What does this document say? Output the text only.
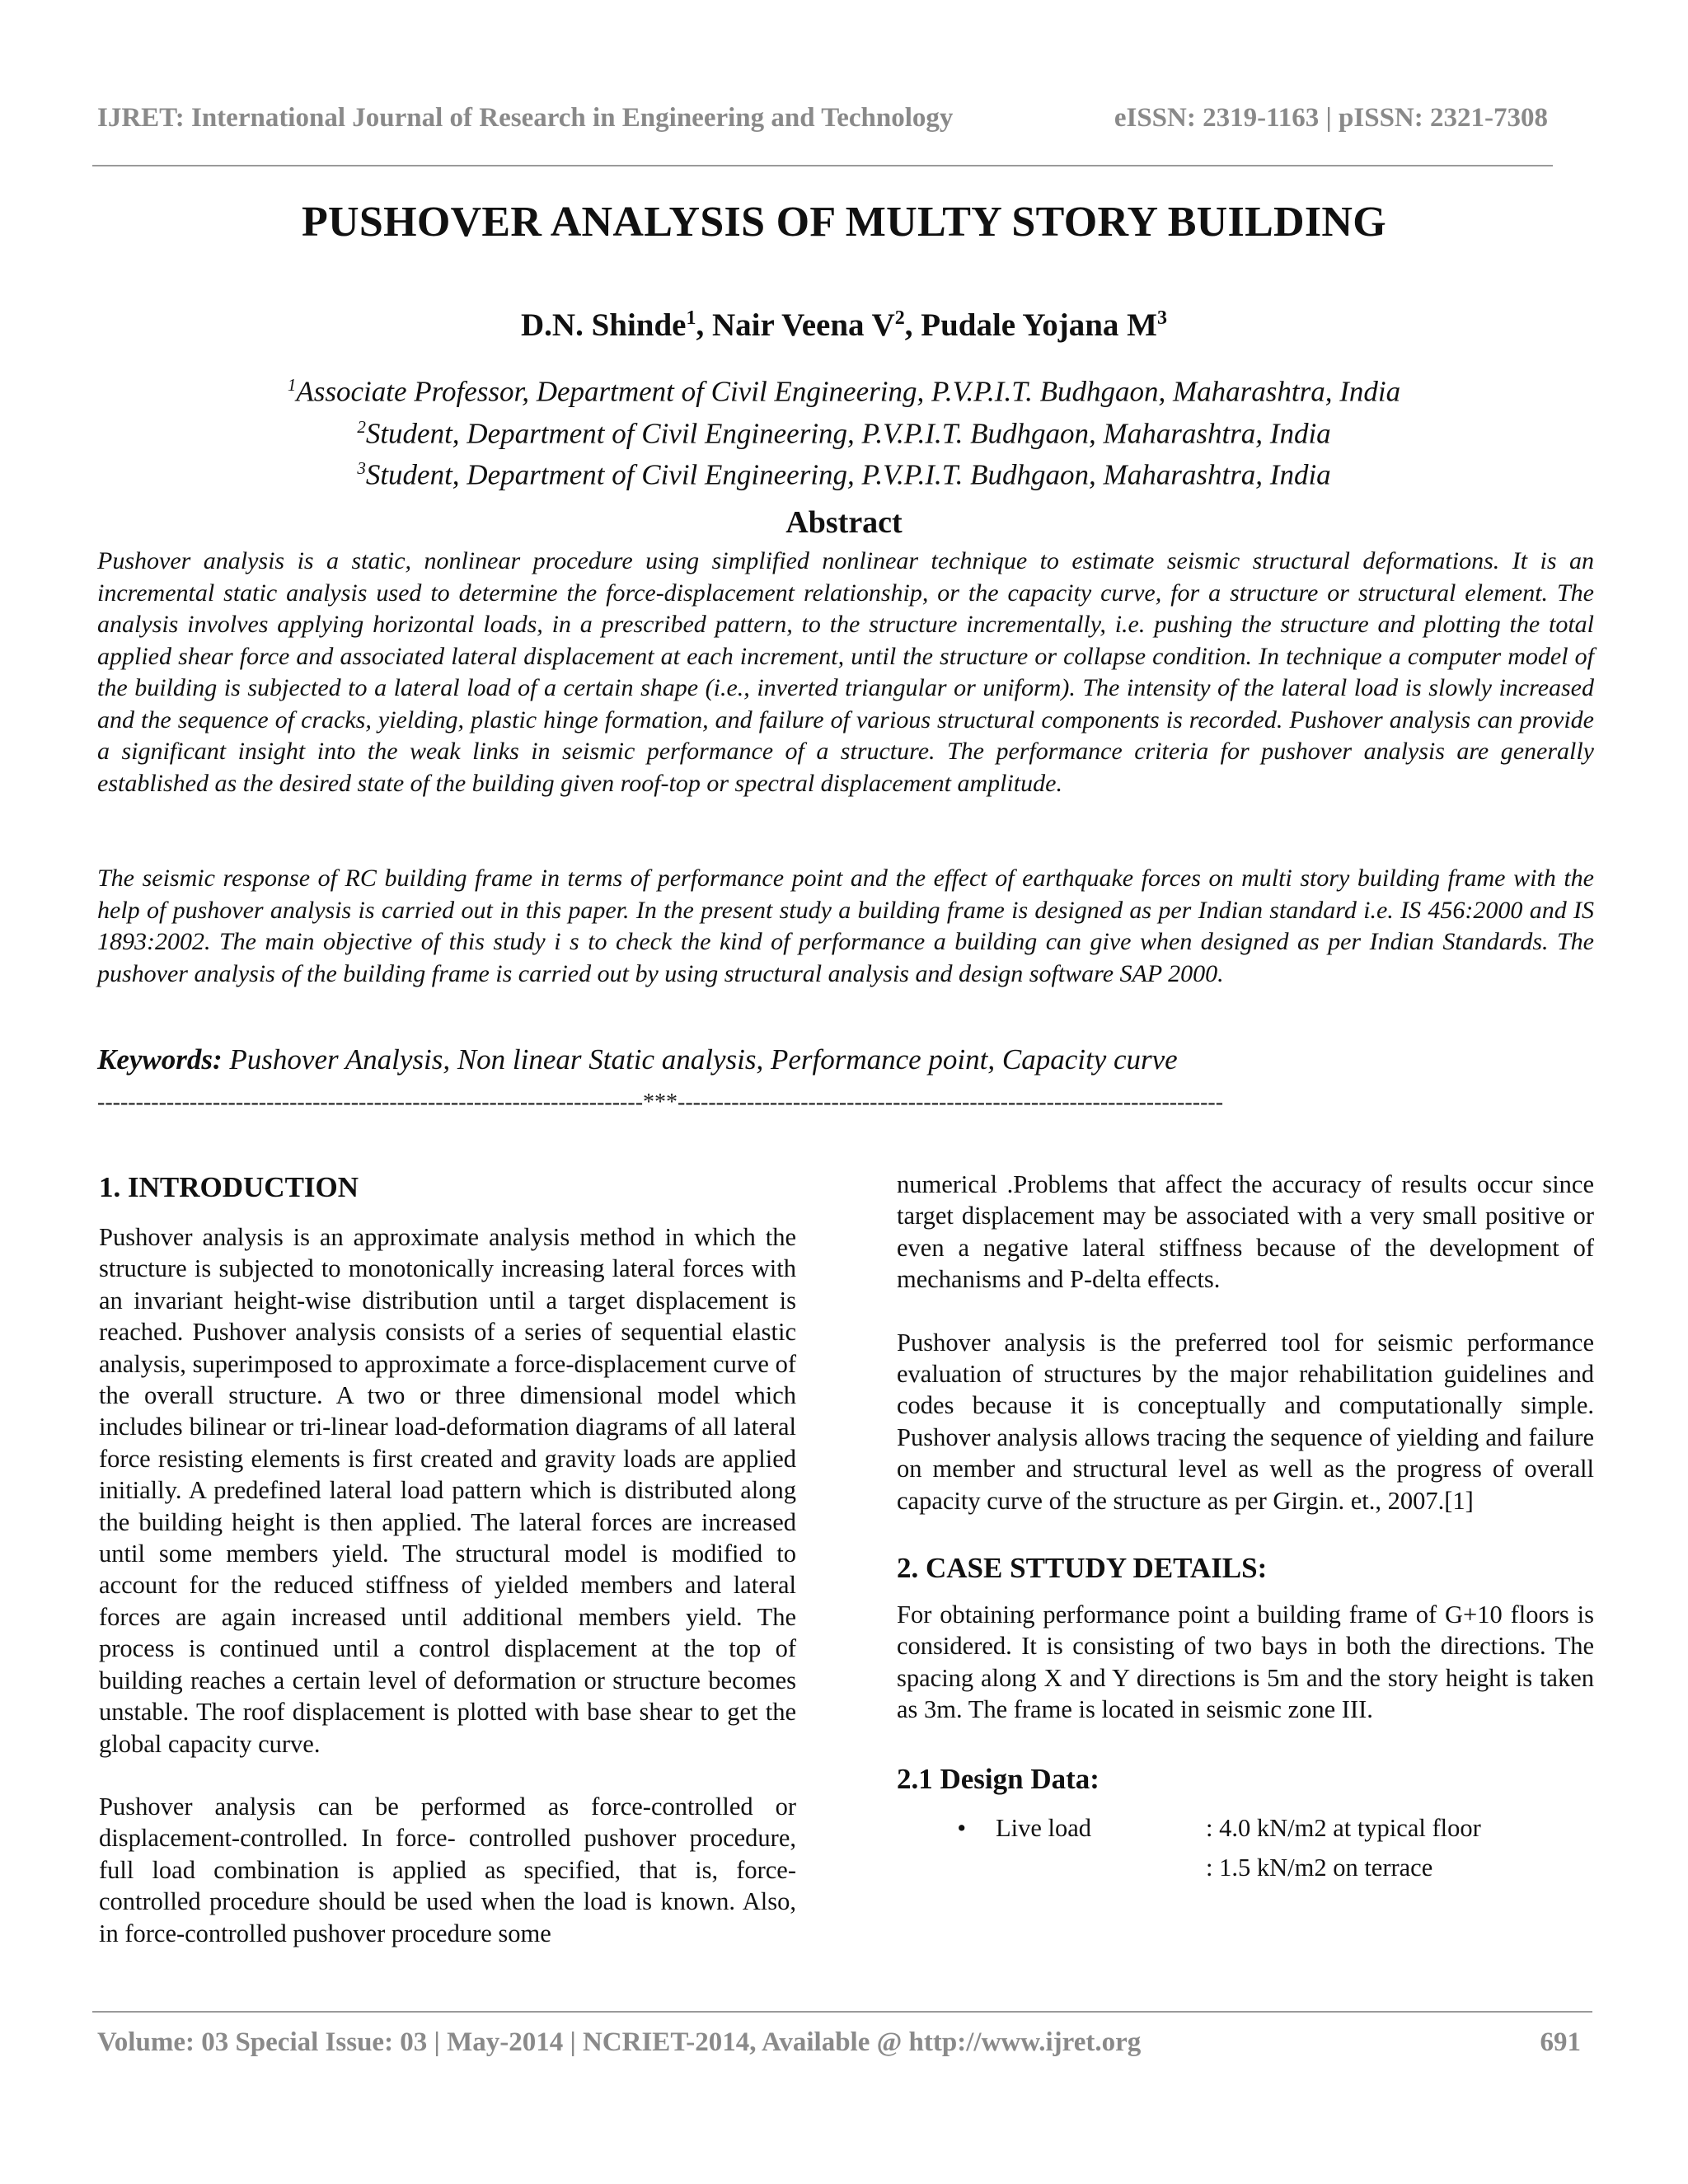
IJRET: International Journal of Research in Engineering and Technology	eISSN: 2319-1163 | pISSN: 2321-7308
PUSHOVER ANALYSIS OF MULTY STORY BUILDING
D.N. Shinde$^1$, Nair Veena $V^2$, Pudale Yojana $M^3$
$^1$Associate Professor, Department of Civil Engineering, P.V.P.I.T. Budhgaon, Maharashtra, India
$^2$Student, Department of Civil Engineering, P.V.P.I.T. Budhgaon, Maharashtra, India
$^3$Student, Department of Civil Engineering, P.V.P.I.T. Budhgaon, Maharashtra, India
Abstract

Pushover analysis is a static, nonlinear procedure using simplified nonlinear technique to estimate seismic structural deformations. It is an incremental static analysis used to determine the force-displacement relationship, or the capacity curve, for a structure or structural element. The analysis involves applying horizontal loads, in a prescribed pattern, to the structure incrementally, i.e. pushing the structure and plotting the total applied shear force and associated lateral displacement at each increment, until the structure or collapse condition. In technique a computer model of the building is subjected to a lateral load of a certain shape (i.e., inverted triangular or uniform). The intensity of the lateral load is slowly increased and the sequence of cracks, yielding, plastic hinge formation, and failure of various structural components is recorded. Pushover analysis can provide a significant insight into the weak links in seismic performance of a structure. The performance criteria for pushover analysis are generally established as the desired state of the building given roof-top or spectral displacement amplitude.

The seismic response of RC building frame in terms of performance point and the effect of earthquake forces on multi story building frame with the help of pushover analysis is carried out in this paper. In the present study a building frame is designed as per Indian standard i.e. IS 456:2000 and IS 1893:2002. The main objective of this study i s to check the kind of performance a building can give when designed as per Indian Standards. The pushover analysis of the building frame is carried out by using structural analysis and design software SAP 2000.

Keywords: Pushover Analysis, Non linear Static analysis, Performance point, Capacity curve
-----------------------------------------------------------------------***-----------------------------------------------------------------------

1. INTRODUCTION

Pushover analysis is an approximate analysis method in which the structure is subjected to monotonically increasing lateral forces with an invariant height-wise distribution until a target displacement is reached. Pushover analysis consists of a series of sequential elastic analysis, superimposed to approximate a force-displacement curve of the overall structure. A two or three dimensional model which includes bilinear or tri-linear load-deformation diagrams of all lateral force resisting elements is first created and gravity loads are applied initially. A predefined lateral load pattern which is distributed along the building height is then applied. The lateral forces are increased until some members yield. The structural model is modified to account for the reduced stiffness of yielded members and lateral forces are again increased until additional members yield. The process is continued until a control displacement at the top of building reaches a certain level of deformation or structure becomes unstable. The roof displacement is plotted with base shear to get the global capacity curve.

Pushover analysis can be performed as force-controlled or displacement-controlled. In force- controlled pushover procedure, full load combination is applied as specified, that is, force- controlled procedure should be used when the load is known. Also, in force-controlled pushover procedure some

numerical .Problems that affect the accuracy of results occur since target displacement may be associated with a very small positive or even a negative lateral stiffness because of the development of mechanisms and P-delta effects.

Pushover analysis is the preferred tool for seismic performance evaluation of structures by the major rehabilitation guidelines and codes because it is conceptually and computationally simple. Pushover analysis allows tracing the sequence of yielding and failure on member and structural level as well as the progress of overall capacity curve of the structure as per Girgin. et., 2007.[1]

2. CASE STTUDY DETAILS:

For obtaining performance point a building frame of G+10 floors is considered. It is consisting of two bays in both the directions. The spacing along X and Y directions is 5m and the story height is taken as 3m. The frame is located in seismic zone III.

2.1 Design Data:

•	Live load	: 4.0 kN/m2 at typical floor
: 1.5 kN/m2 on terrace
Volume: 03 Special Issue: 03 | May-2014 | NCRIET-2014, Available @ http://www.ijret.org	691
